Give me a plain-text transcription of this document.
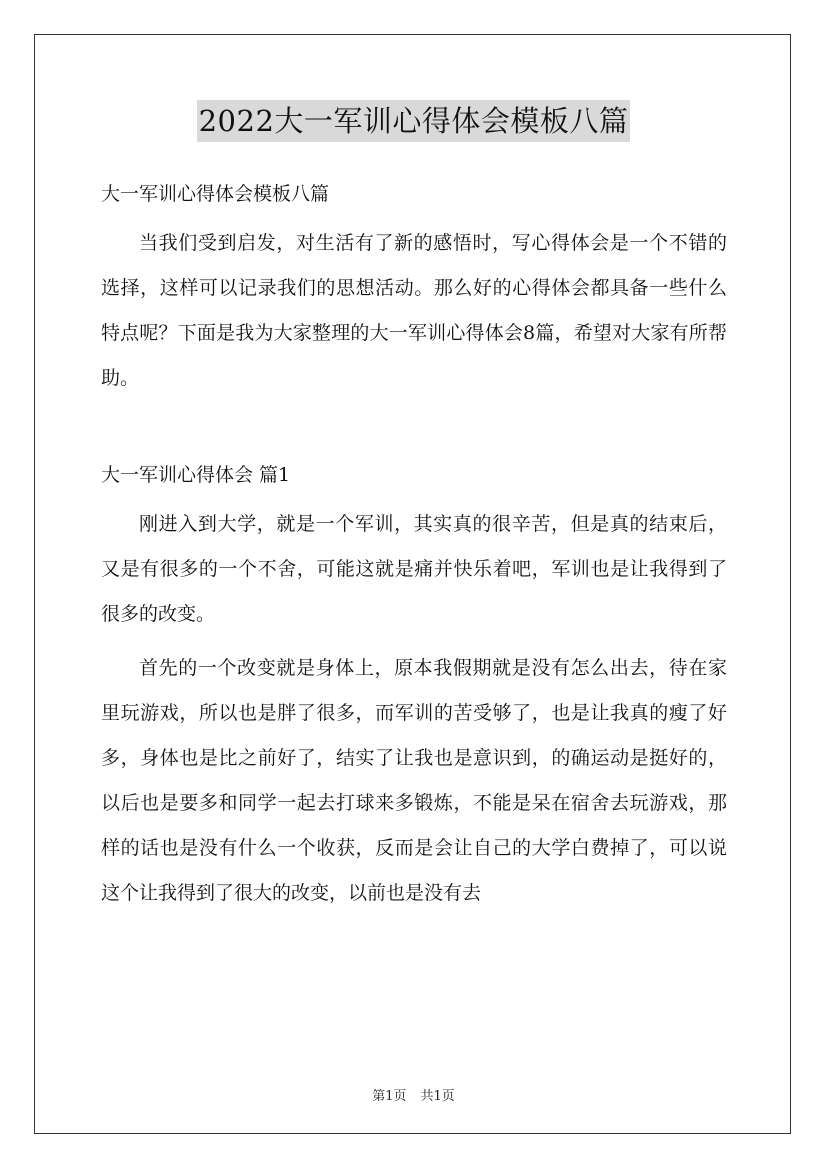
2022大一军训心得体会模板八篇

大一军训心得体会模板八篇

当我们受到启发，对生活有了新的感悟时，写心得体会是一个不错的选择，这样可以记录我们的思想活动。那么好的心得体会都具备一些什么特点呢？下面是我为大家整理的大一军训心得体会8篇，希望对大家有所帮助。

大一军训心得体会 篇1

刚进入到大学，就是一个军训，其实真的很辛苦，但是真的结束后，又是有很多的一个不舍，可能这就是痛并快乐着吧，军训也是让我得到了很多的改变。

首先的一个改变就是身体上，原本我假期就是没有怎么出去，待在家里玩游戏，所以也是胖了很多，而军训的苦受够了，也是让我真的瘦了好多，身体也是比之前好了，结实了让我也是意识到，的确运动是挺好的，以后也是要多和同学一起去打球来多锻炼，不能是呆在宿舍去玩游戏，那样的话也是没有什么一个收获，反而是会让自己的大学白费掉了，可以说这个让我得到了很大的改变，以前也是没有去

第1页 共1页
